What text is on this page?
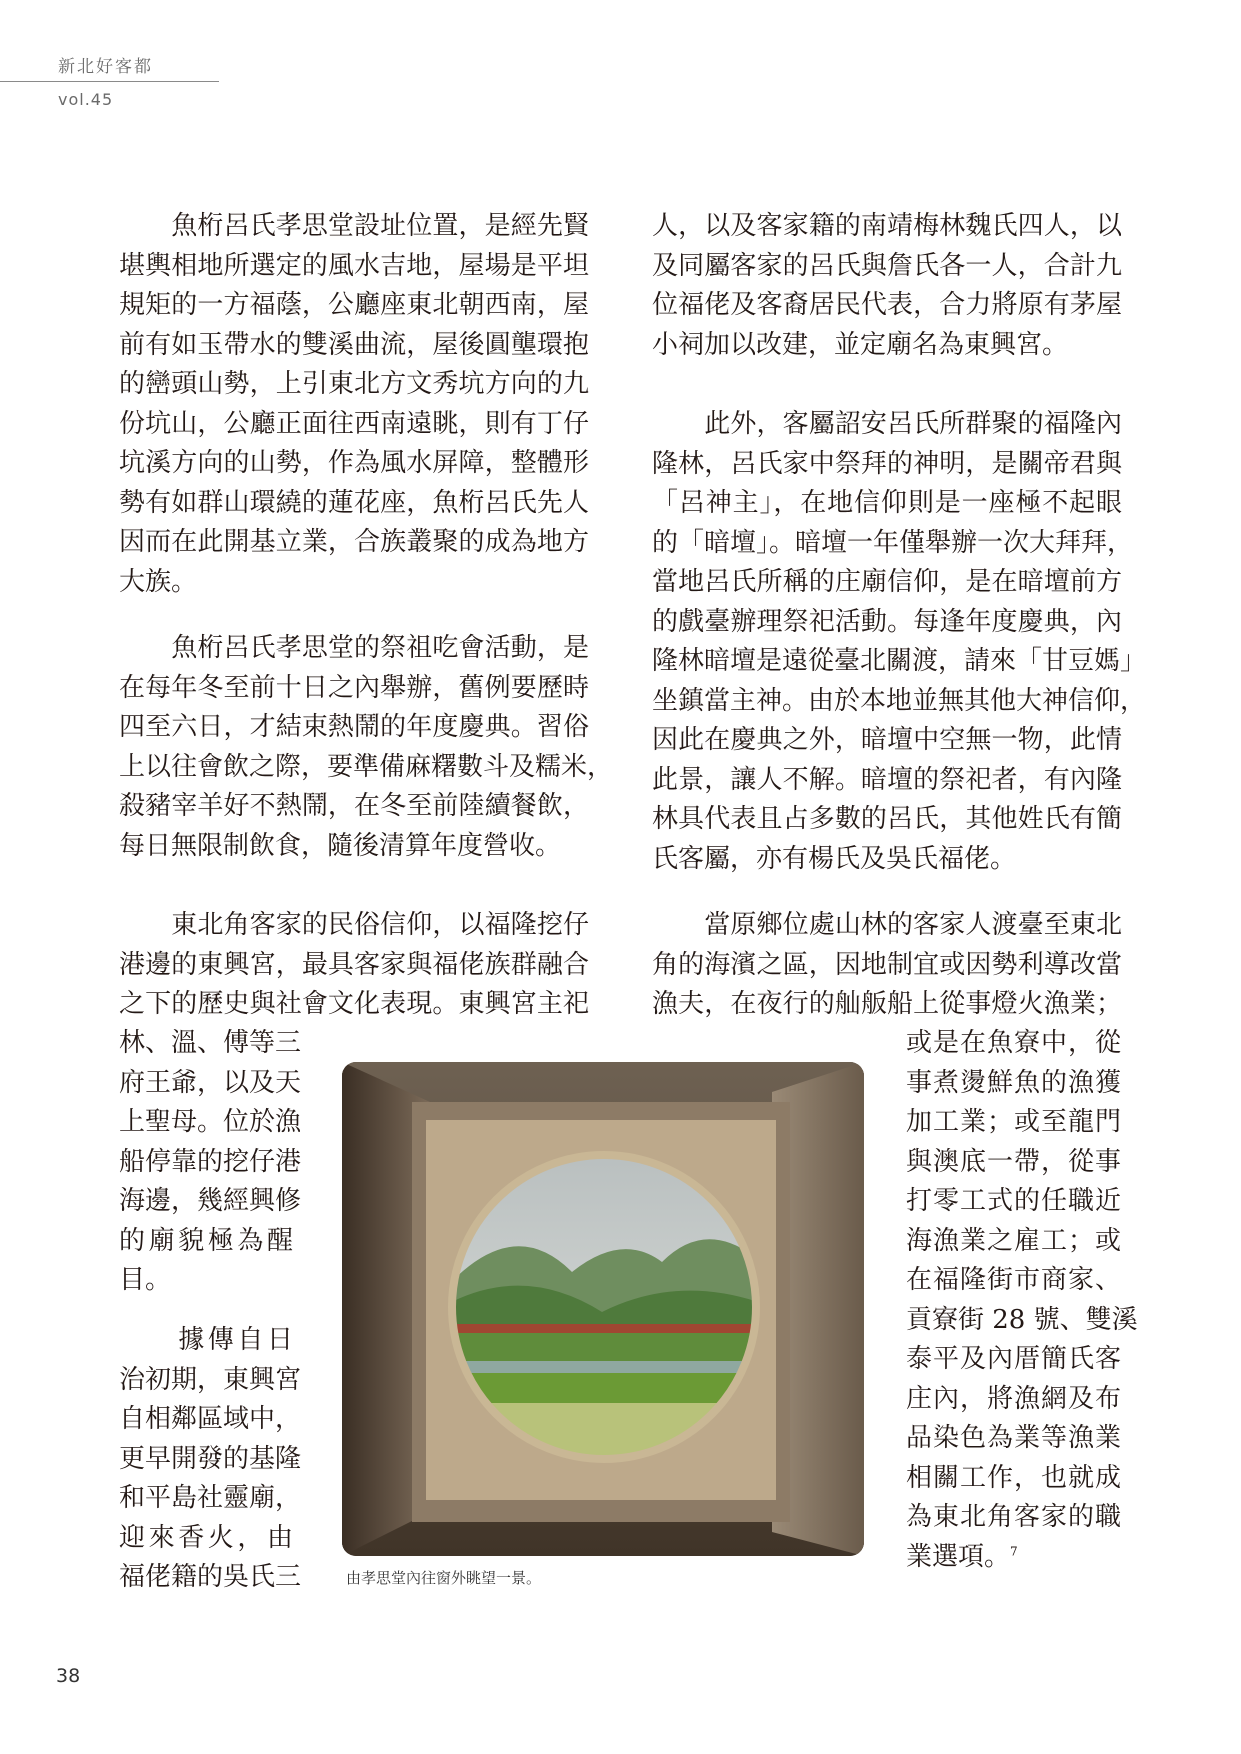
新北好客都
vol.45

　　魚桁呂氏孝思堂設址位置，是經先賢

堪輿相地所選定的風水吉地，屋場是平坦

規矩的一方福蔭，公廳座東北朝西南，屋

前有如玉帶水的雙溪曲流，屋後圓壟環抱

的巒頭山勢，上引東北方文秀坑方向的九

份坑山，公廳正面往西南遠眺，則有丁仔

坑溪方向的山勢，作為風水屏障，整體形

勢有如群山環繞的蓮花座，魚桁呂氏先人

因而在此開基立業，合族叢聚的成為地方

大族。

　　魚桁呂氏孝思堂的祭祖吃會活動，是

在每年冬至前十日之內舉辦，舊例要歷時

四至六日，才結束熱鬧的年度慶典。習俗

上以往會飲之際，要準備麻糬數斗及糯米，

殺豬宰羊好不熱鬧，在冬至前陸續餐飲，

每日無限制飲食，隨後清算年度營收。

　　東北角客家的民俗信仰，以福隆挖仔

港邊的東興宮，最具客家與福佬族群融合

之下的歷史與社會文化表現。東興宮主祀

林、溫、傅等三

府王爺，以及天

上聖母。位於漁

船停靠的挖仔港

海邊，幾經興修

的廟貌極為醒

目。

　　據傳自日

治初期，東興宮

自相鄰區域中，

更早開發的基隆

和平島社靈廟，

迎來香火，由

福佬籍的吳氏三

人，以及客家籍的南靖梅林魏氏四人，以

及同屬客家的呂氏與詹氏各一人，合計九

位福佬及客裔居民代表，合力將原有茅屋

小祠加以改建，並定廟名為東興宮。

　　此外，客屬詔安呂氏所群聚的福隆內

隆林，呂氏家中祭拜的神明，是關帝君與

「呂神主」，在地信仰則是一座極不起眼

的「暗壇」。暗壇一年僅舉辦一次大拜拜，

當地呂氏所稱的庄廟信仰，是在暗壇前方

的戲臺辦理祭祀活動。每逢年度慶典，內

隆林暗壇是遠從臺北關渡，請來「甘豆媽」

坐鎮當主神。由於本地並無其他大神信仰，

因此在慶典之外，暗壇中空無一物，此情

此景，讓人不解。暗壇的祭祀者，有內隆

林具代表且占多數的呂氏，其他姓氏有簡

氏客屬，亦有楊氏及吳氏福佬。

　　當原鄉位處山林的客家人渡臺至東北

角的海濱之區，因地制宜或因勢利導改當

漁夫，在夜行的舢舨船上從事燈火漁業；

或是在魚寮中，從

事煮燙鮮魚的漁獲

加工業；或至龍門

與澳底一帶，從事

打零工式的任職近

海漁業之雇工；或

在福隆街市商家、

貢寮街 28 號、雙溪

泰平及內厝簡氏客

庄內，將漁網及布

品染色為業等漁業

相關工作，也就成

為東北角客家的職

業選項。$^7$

由孝思堂內往窗外眺望一景。
38
